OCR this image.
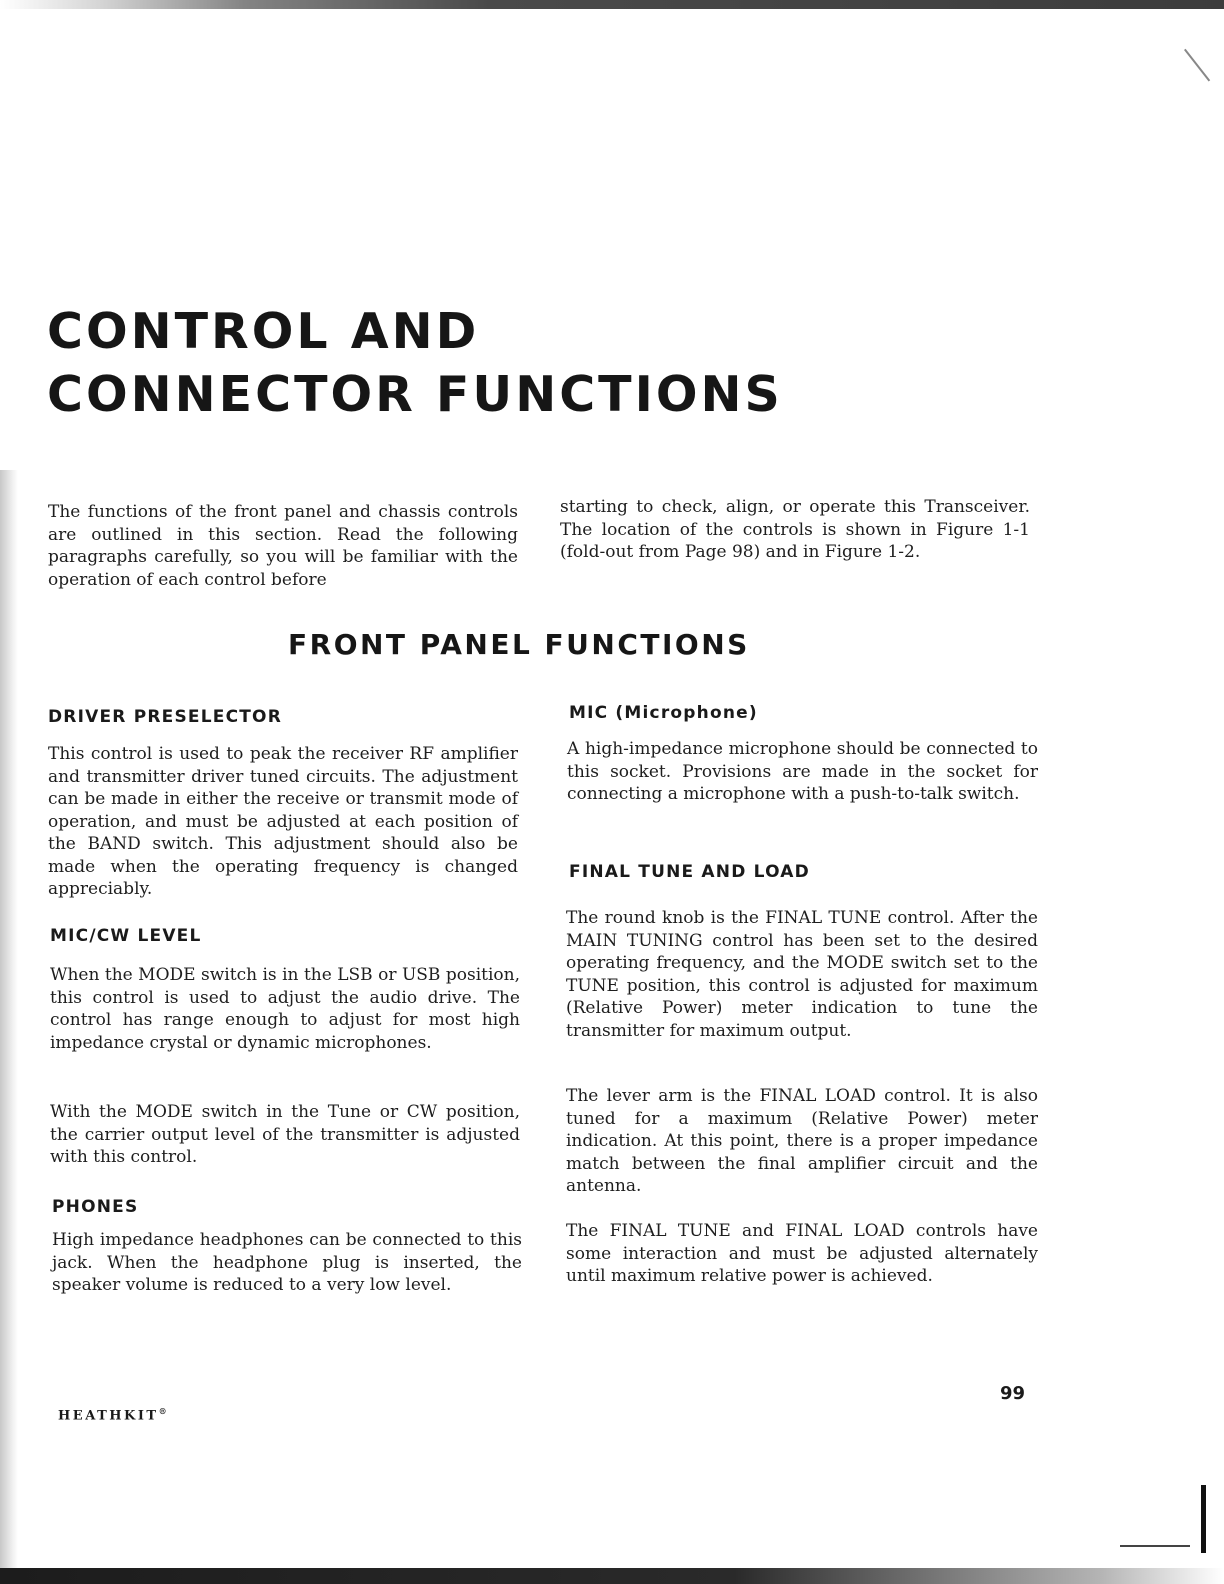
CONTROL AND
CONNECTOR FUNCTIONS

The functions of the front panel and chassis controls are outlined in this section. Read the following paragraphs carefully, so you will be familiar with the operation of each control before

starting to check, align, or operate this Transceiver. The location of the controls is shown in Figure 1-1 (fold-out from Page 98) and in Figure 1-2.

FRONT PANEL FUNCTIONS
DRIVER PRESELECTOR

This control is used to peak the receiver RF amplifier and transmitter driver tuned circuits. The adjustment can be made in either the receive or transmit mode of operation, and must be adjusted at each position of the BAND switch. This adjustment should also be made when the operating frequency is changed appreciably.

MIC/CW LEVEL

When the MODE switch is in the LSB or USB position, this control is used to adjust the audio drive. The control has range enough to adjust for most high impedance crystal or dynamic microphones.

With the MODE switch in the Tune or CW position, the carrier output level of the transmitter is adjusted with this control.

PHONES

High impedance headphones can be connected to this jack. When the headphone plug is inserted, the speaker volume is reduced to a very low level.

MIC (Microphone)

A high-impedance microphone should be connected to this socket. Provisions are made in the socket for connecting a microphone with a push-to-talk switch.

FINAL TUNE AND LOAD

The round knob is the FINAL TUNE control. After the MAIN TUNING control has been set to the desired operating frequency, and the MODE switch set to the TUNE position, this control is adjusted for maximum (Relative Power) meter indication to tune the transmitter for maximum output.

The lever arm is the FINAL LOAD control. It is also tuned for a maximum (Relative Power) meter indication. At this point, there is a proper impedance match between the final amplifier circuit and the antenna.

The FINAL TUNE and FINAL LOAD controls have some interaction and must be adjusted alternately until maximum relative power is achieved.

99
HEATHKIT®
